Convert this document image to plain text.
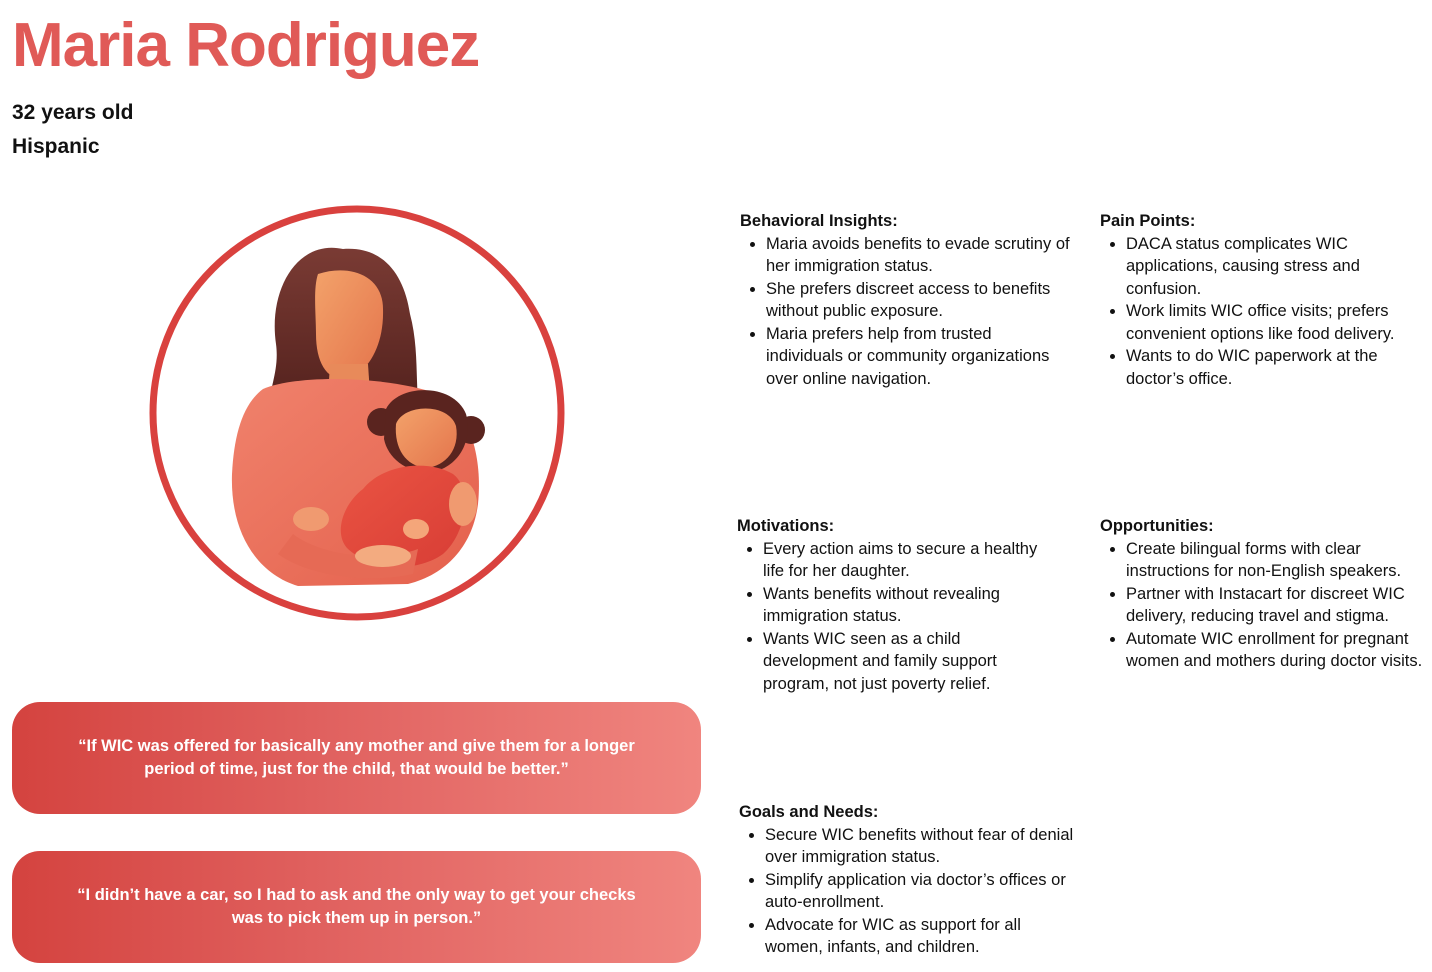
Maria Rodriguez
32 years old
Hispanic

“If WIC was offered for basically any mother and give them for a longer period of time, just for the child, that would be better.”

“I didn’t have a car, so I had to ask and the only way to get your checks was to pick them up in person.”

Behavioral Insights:
• Maria avoids benefits to evade scrutiny of her immigration status.
• She prefers discreet access to benefits without public exposure.
• Maria prefers help from trusted individuals or community organizations over online navigation.
Pain Points:
• DACA status complicates WIC applications, causing stress and confusion.
• Work limits WIC office visits; prefers convenient options like food delivery.
• Wants to do WIC paperwork at the doctor’s office.
Motivations:
• Every action aims to secure a healthy life for her daughter.
• Wants benefits without revealing immigration status.
• Wants WIC seen as a child development and family support program, not just poverty relief.
Opportunities:
• Create bilingual forms with clear instructions for non-English speakers.
• Partner with Instacart for discreet WIC delivery, reducing travel and stigma.
• Automate WIC enrollment for pregnant women and mothers during doctor visits.
Goals and Needs:
• Secure WIC benefits without fear of denial over immigration status.
• Simplify application via doctor’s offices or auto-enrollment.
• Advocate for WIC as support for all women, infants, and children.
